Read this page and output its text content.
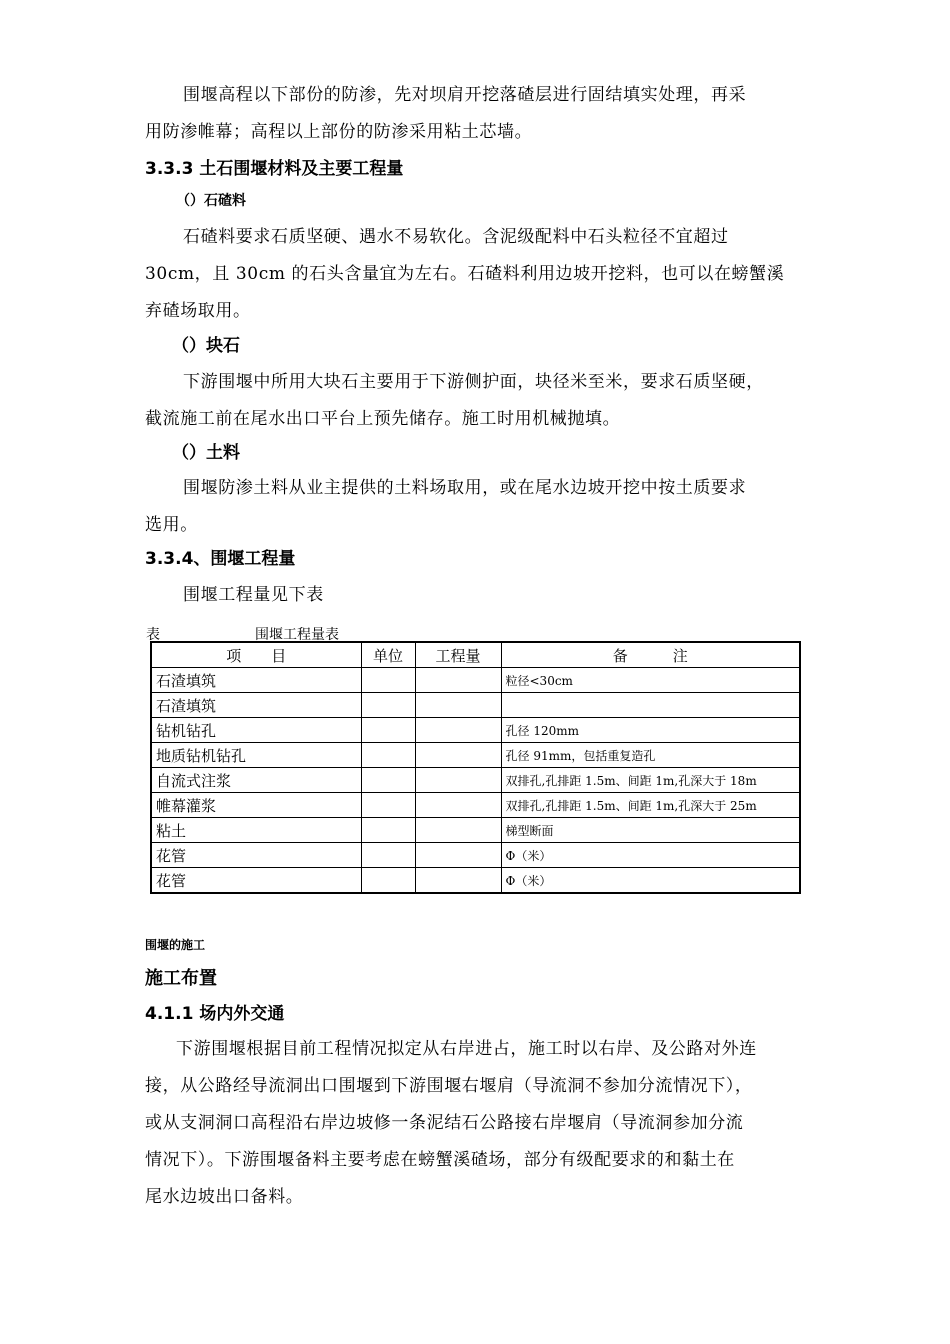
围堰高程以下部份的防渗，先对坝肩开挖落碴层进行固结填实处理，再采
用防渗帷幕；高程以上部份的防渗采用粘土芯墙。
3.3.3 土石围堰材料及主要工程量
（）石碴料
石碴料要求石质坚硬、遇水不易软化。含泥级配料中石头粒径不宜超过
30cm，且 30cm 的石头含量宜为左右。石碴料利用边坡开挖料，也可以在螃蟹溪
弃碴场取用。
（）块石
下游围堰中所用大块石主要用于下游侧护面，块径米至米，要求石质坚硬，
截流施工前在尾水出口平台上预先储存。施工时用机械抛填。
（）土料
围堰防渗土料从业主提供的土料场取用，或在尾水边坡开挖中按土质要求
选用。
3.3.4、围堰工程量
围堰工程量见下表
表	围堰工程量表
项　　目	单位	工程量	备　　　注
石渣填筑			粒径<30cm
石渣填筑			
钻机钻孔			孔径 120mm
地质钻机钻孔			孔径 91mm，包括重复造孔
自流式注浆			双排孔,孔排距 1.5m、间距 1m,孔深大于 18m
帷幕灌浆			双排孔,孔排距 1.5m、间距 1m,孔深大于 25m
粘土			梯型断面
花管			Φ（米）
花管			Φ（米）
围堰的施工
施工布置
4.1.1 场内外交通
下游围堰根据目前工程情况拟定从右岸进占，施工时以右岸、及公路对外连
接，从公路经导流洞出口围堰到下游围堰右堰肩（导流洞不参加分流情况下），
或从支洞洞口高程沿右岸边坡修一条泥结石公路接右岸堰肩（导流洞参加分流
情况下）。下游围堰备料主要考虑在螃蟹溪碴场，部分有级配要求的和黏土在
尾水边坡出口备料。
